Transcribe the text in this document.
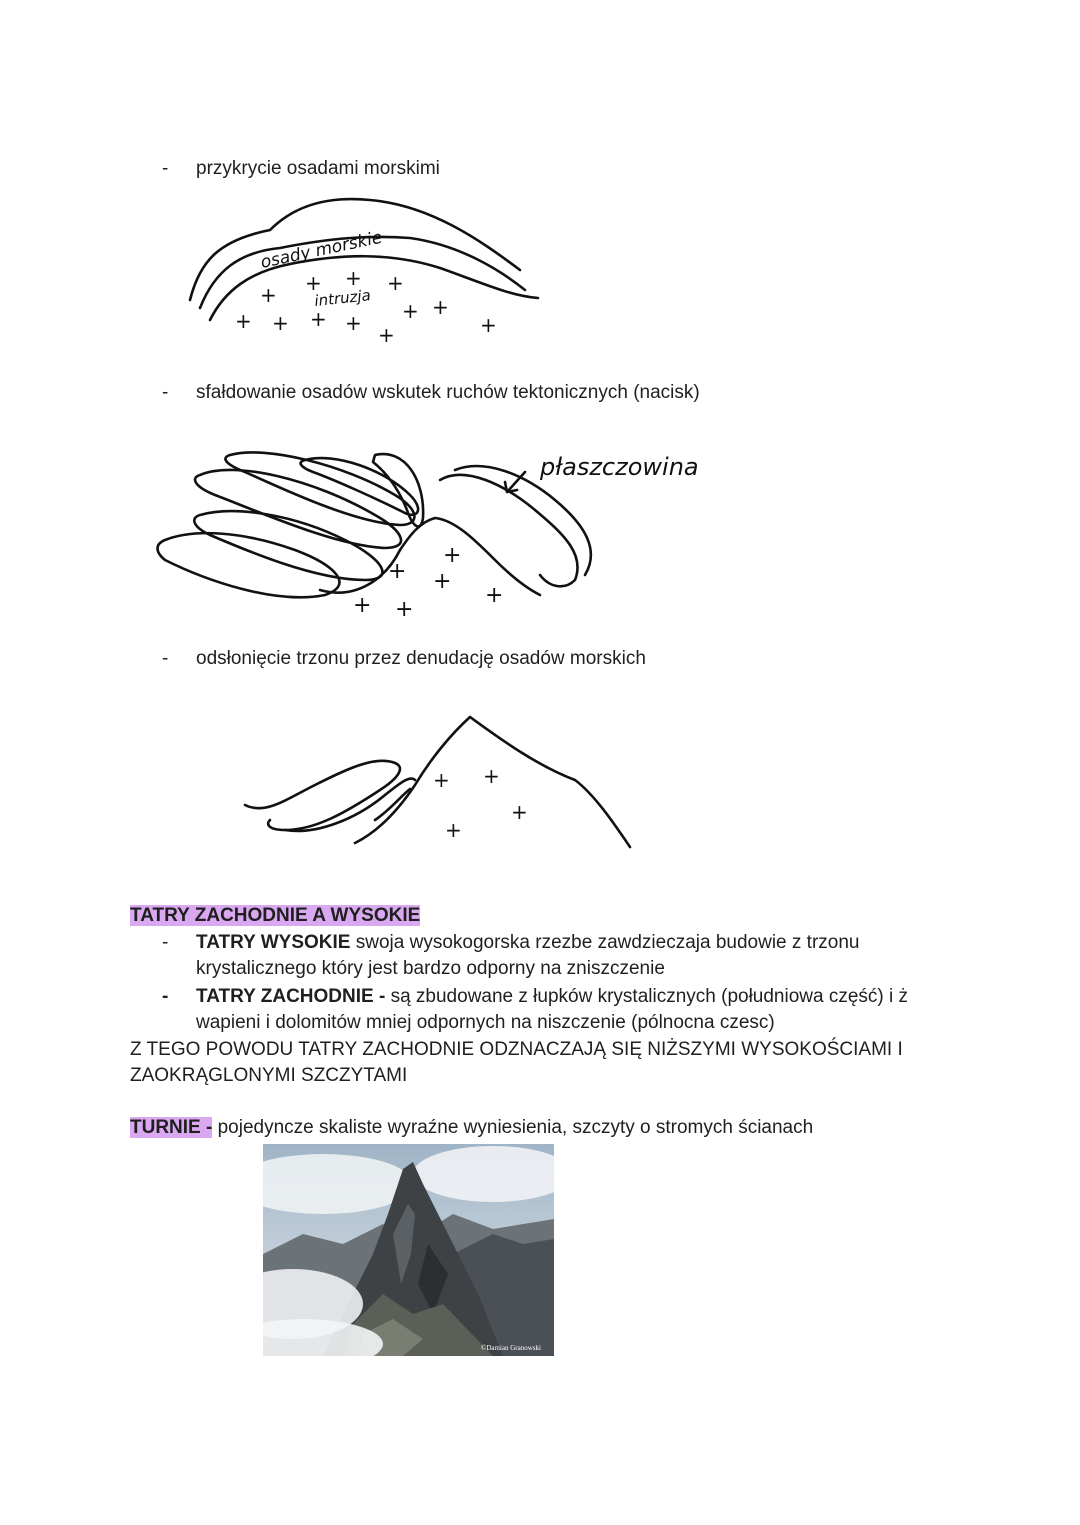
- przykrycie osadami morskimi
osady morskie
intruzja
+ + + +
+ + + + + +
+	+
- sfałdowanie osadów wskutek ruchów tektonicznych (nacisk)
płaszczowina
+
+
+
+ +
+
- odsłonięcie trzonu przez denudację osadów morskich
+ +
+
+
TATRY ZACHODNIE A WYSOKIE
- TATRY WYSOKIE swoja wysokogorska rzezbe zawdzieczaja budowie z trzonu
krystalicznego który jest bardzo odporny na zniszczenie
- TATRY ZACHODNIE - są zbudowane z łupków krystalicznych (południowa część) i ż
wapieni i dolomitów mniej odpornych na niszczenie (pólnocna czesc)
Z TEGO POWODU TATRY ZACHODNIE ODZNACZAJĄ SIĘ NIŻSZYMI WYSOKOŚCIAMI I
ZAOKRĄGLONYMI SZCZYTAMI
TURNIE - pojedyncze skaliste wyraźne wyniesienia, szczyty o stromych ścianach
©Damian Granowski
